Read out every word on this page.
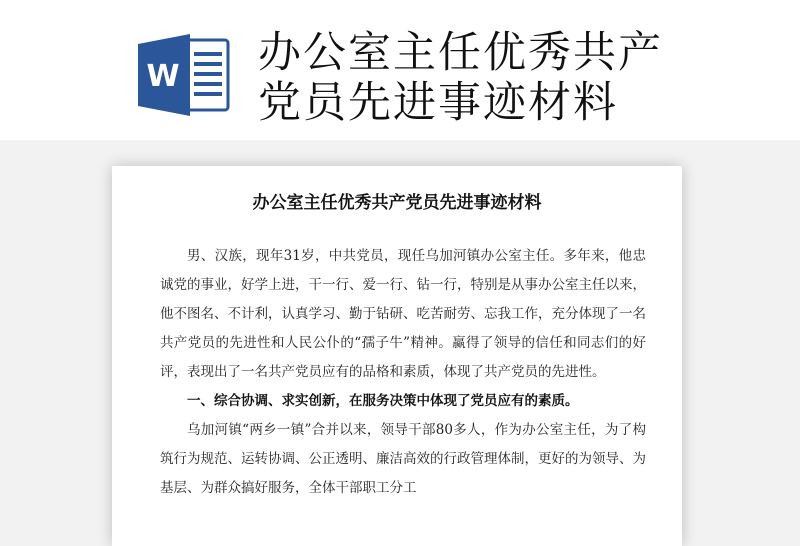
W 办公室主任优秀共产
党员先进事迹材料
办公室主任优秀共产党员先进事迹材料

男、汉族，现年31岁，中共党员，现任乌加河镇办公室主任。多年来，他忠诚党的事业，好学上进，干一行、爱一行、钻一行，特别是从事办公室主任以来，他不图名、不计利，认真学习、勤于钻研、吃苦耐劳、忘我工作，充分体现了一名共产党员的先进性和人民公仆的“孺子牛”精神。赢得了领导的信任和同志们的好评，表现出了一名共产党员应有的品格和素质，体现了共产党员的先进性。

一、综合协调、求实创新，在服务决策中体现了党员应有的素质。

乌加河镇“两乡一镇”合并以来，领导干部80多人，作为办公室主任，为了构筑行为规范、运转协调、公正透明、廉洁高效的行政管理体制，更好的为领导、为基层、为群众搞好服务，全体干部职工分工
